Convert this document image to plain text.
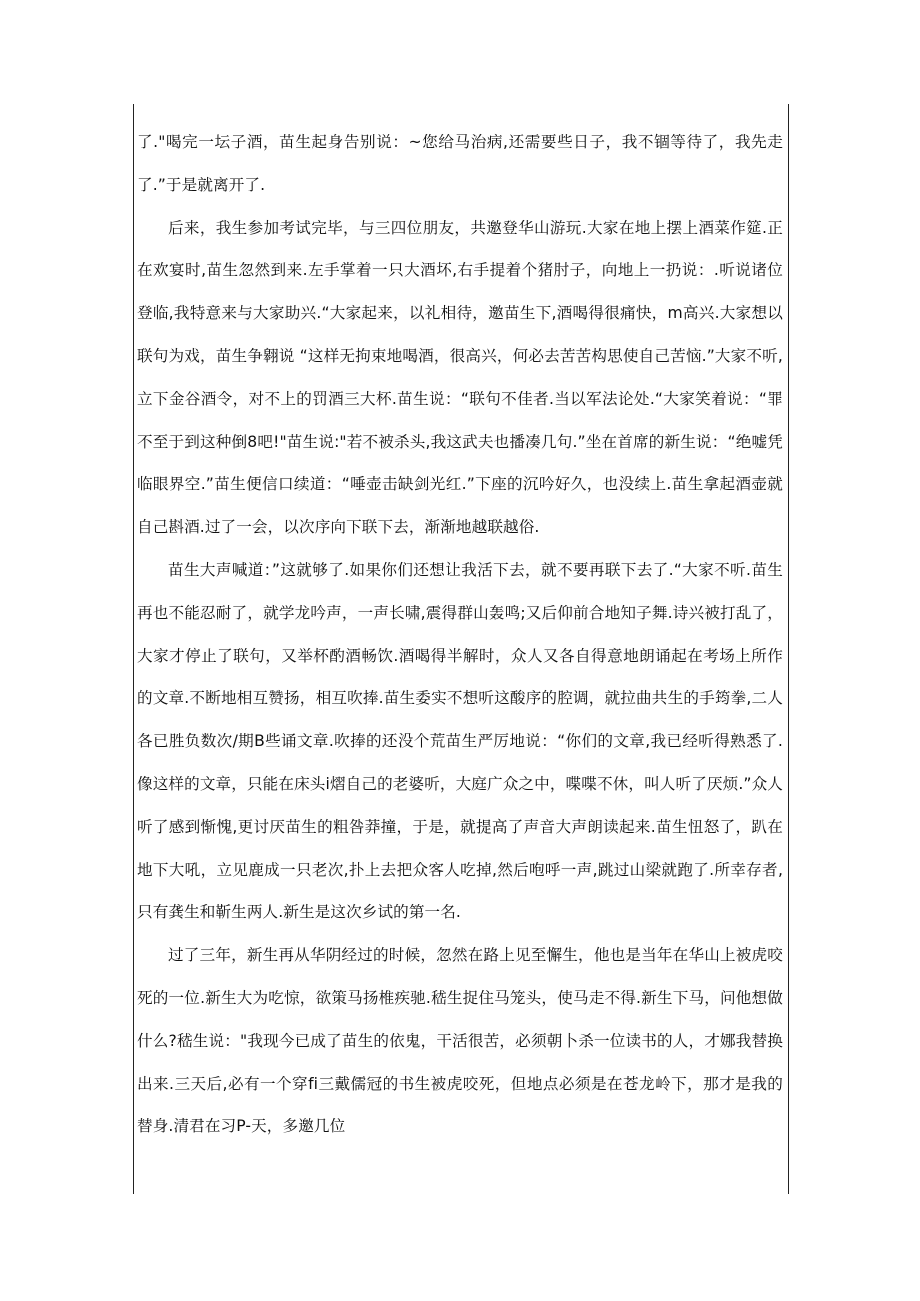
了."喝完一坛子酒，苗生起身告别说：~您给马治病,还需要些日子，我不锢等待了，我先走了.”于是就离开了.

后来，我生参加考试完毕，与三四位朋友，共邀登华山游玩.大家在地上摆上酒菜作筵.正在欢宴时,苗生忽然到来.左手掌着一只大酒坏,右手提着个猪肘子，向地上一扔说：.听说诸位登临,我特意来与大家助兴.“大家起来，以礼相待，邀苗生下,酒喝得很痛快，m高兴.大家想以联句为戏，苗生争翱说 “这样无拘束地喝酒，很高兴，何必去苦苦构思使自己苦恼.”大家不听,立下金谷酒令，对不上的罚酒三大杯.苗生说：“联句不佳者.当以军法论处.“大家笑着说：“罪不至于到这种倒8吧!"苗生说:"若不被杀头,我这武夫也播凑几句.”坐在首席的新生说：“绝嘘凭临眼界空.”苗生便信口续道：“唾壶击缺剑光红.”下座的沉吟好久，也没续上.苗生拿起酒壶就自己斟酒.过了一会，以次序向下联下去，渐渐地越联越俗.

苗生大声喊道：”这就够了.如果你们还想让我活下去，就不要再联下去了.“大家不听.苗生再也不能忍耐了，就学龙吟声，一声长啸,震得群山轰鸣;又后仰前合地知子舞.诗兴被打乱了，大家才停止了联句，又举杯酌酒畅饮.酒喝得半解时，众人又各自得意地朗诵起在考场上所作的文章.不断地相互赞扬，相互吹捧.苗生委实不想听这酸序的腔调，就拉曲共生的手筠拳,二人各已胜负数次/期B些诵文章.吹捧的还没个荒苗生严厉地说：“你们的文章,我已经听得熟悉了.像这样的文章，只能在床头i熠自己的老婆听，大庭广众之中，喋喋不休，叫人听了厌烦.”众人听了感到惭愧,更讨厌苗生的粗咎莽撞，于是，就提高了声音大声朗读起来.苗生忸怒了，趴在地下大吼，立见鹿成一只老次,扑上去把众客人吃掉,然后咆呼一声,跳过山梁就跑了.所幸存者,只有龚生和靳生两人.新生是这次乡试的第一名.

过了三年，新生再从华阴经过的时候，忽然在路上见至懈生，他也是当年在华山上被虎咬死的一位.新生大为吃惊，欲策马扬椎疾驰.嵇生捉住马笼头，使马走不得.新生下马，问他想做什么?嵇生说："我现今已成了苗生的依鬼，干活很苦，必须朝卜杀一位读书的人，才娜我替换出来.三天后,必有一个穿fi三戴儒冠的书生被虎咬死，但地点必须是在苍龙岭下，那才是我的替身.清君在习P-天，多邀几位
